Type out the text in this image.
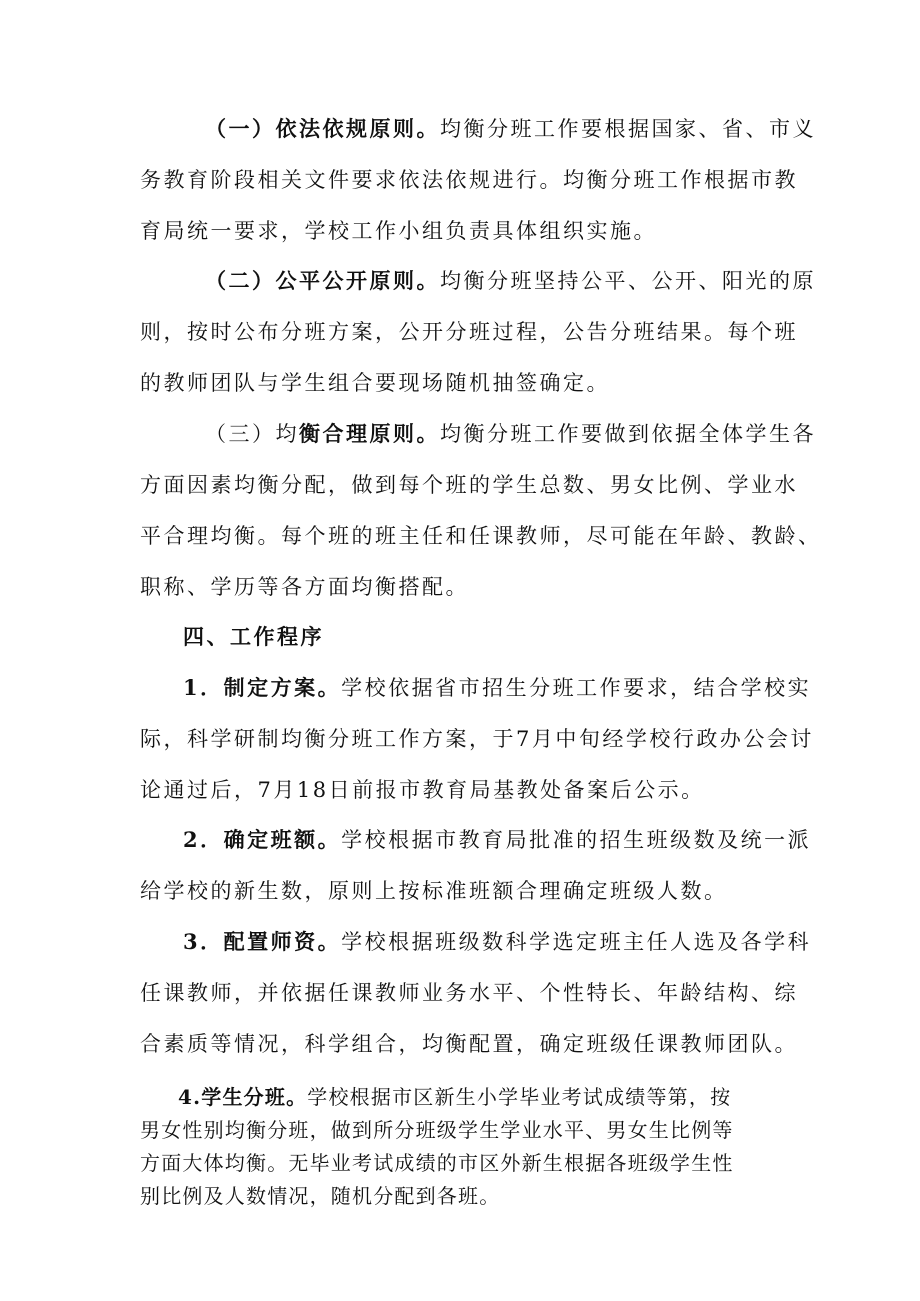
（一）依法依规原则。均衡分班工作要根据国家、省、市义
务教育阶段相关文件要求依法依规进行。均衡分班工作根据市教
育局统一要求，学校工作小组负责具体组织实施。
（二）公平公开原则。均衡分班坚持公平、公开、阳光的原
则，按时公布分班方案，公开分班过程，公告分班结果。每个班
的教师团队与学生组合要现场随机抽签确定。
（三）均衡合理原则。均衡分班工作要做到依据全体学生各
方面因素均衡分配，做到每个班的学生总数、男女比例、学业水
平合理均衡。每个班的班主任和任课教师，尽可能在年龄、教龄、
职称、学历等各方面均衡搭配。
四、工作程序
1．制定方案。学校依据省市招生分班工作要求，结合学校实
际，科学研制均衡分班工作方案，于7月中旬经学校行政办公会讨
论通过后，7月18日前报市教育局基教处备案后公示。
2．确定班额。学校根据市教育局批准的招生班级数及统一派
给学校的新生数，原则上按标准班额合理确定班级人数。
3．配置师资。学校根据班级数科学选定班主任人选及各学科
任课教师，并依据任课教师业务水平、个性特长、年龄结构、综
合素质等情况，科学组合，均衡配置，确定班级任课教师团队。
4.学生分班。学校根据市区新生小学毕业考试成绩等第，按
男女性别均衡分班，做到所分班级学生学业水平、男女生比例等
方面大体均衡。无毕业考试成绩的市区外新生根据各班级学生性
别比例及人数情况，随机分配到各班。
